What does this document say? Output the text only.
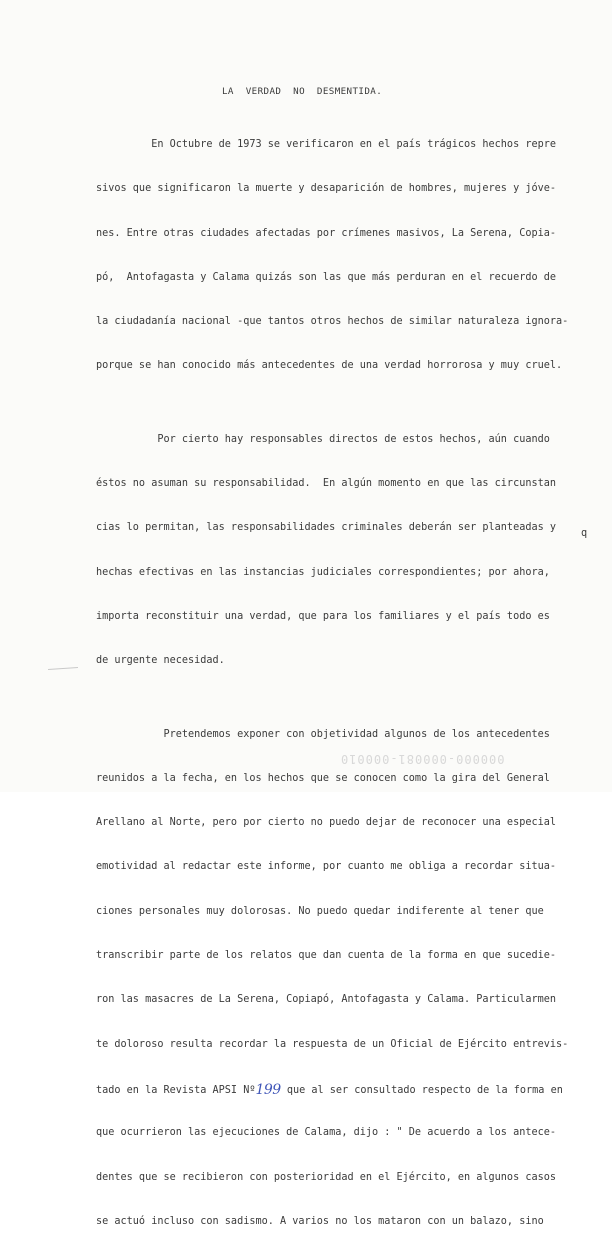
LA  VERDAD  NO  DESMENTIDA.

En Octubre de 1973 se verificaron en el país trágicos hechos repre

sivos que significaron la muerte y desaparición de hombres, mujeres y jóve-

nes. Entre otras ciudades afectadas por crímenes masivos, La Serena, Copia-

pó,  Antofagasta y Calama quizás son las que más perduran en el recuerdo de

la ciudadanía nacional -que tantos otros hechos de similar naturaleza ignora-

porque se han conocido más antecedentes de una verdad horrorosa y muy cruel.

Por cierto hay responsables directos de estos hechos, aún cuando

éstos no asuman su responsabilidad.  En algún momento en que las circunstan

cias lo permitan, las responsabilidades criminales deberán ser planteadas y

hechas efectivas en las instancias judiciales correspondientes; por ahora,

importa reconstituir una verdad, que para los familiares y el país todo es

de urgente necesidad.

Pretendemos exponer con objetividad algunos de los antecedentes

reunidos a la fecha, en los hechos que se conocen como la gira del General

Arellano al Norte, pero por cierto no puedo dejar de reconocer una especial

emotividad al redactar este informe, por cuanto me obliga a recordar situa-

ciones personales muy dolorosas. No puedo quedar indiferente al tener que

transcribir parte de los relatos que dan cuenta de la forma en que sucedie-

ron las masacres de La Serena, Copiapó, Antofagasta y Calama. Particularmen

te doloroso resulta recordar la respuesta de un Oficial de Ejército entrevis-

tado en la Revista APSI Nº199 que al ser consultado respecto de la forma en

que ocurrieron las ejecuciones de Calama, dijo : " De acuerdo a los antece-

dentes que se recibieron con posterioridad en el Ejército, en algunos casos

se actuó incluso con sadismo. A varios no los mataron con un balazo, sino

q
000000-000081-000010
